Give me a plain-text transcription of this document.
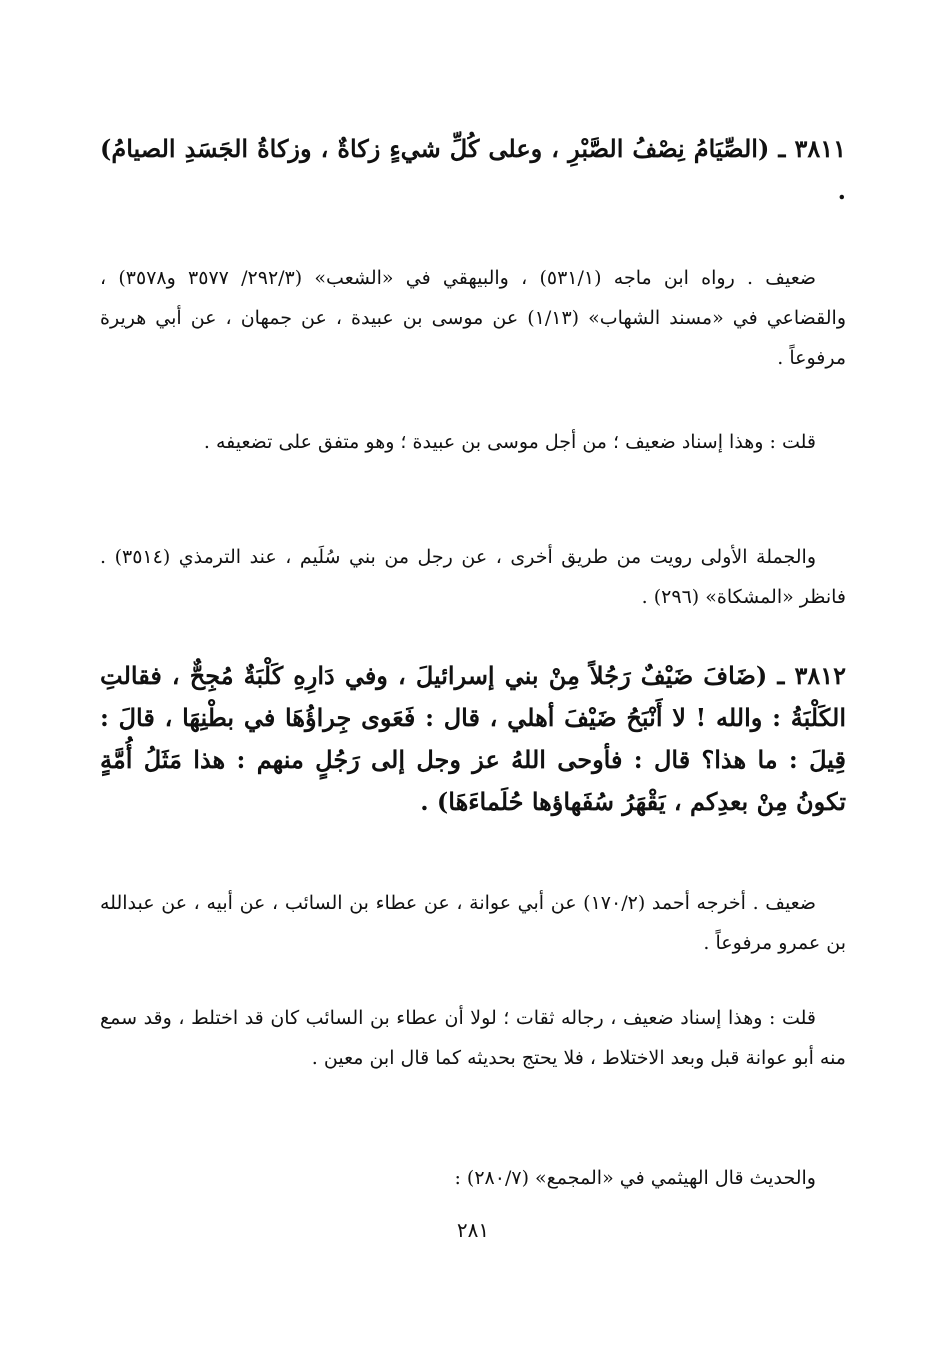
٣٨١١ ـ (الصِّيَامُ نِصْفُ الصَّبْرِ ، وعلى كُلِّ شيءٍ زكاةٌ ، وزكاةُ الجَسَدِ الصيامُ) .

ضعيف . رواه ابن ماجه (٥٣١/١) ، والبيهقي في «الشعب» (٢٩٢/٣/ ٣٥٧٧ و٣٥٧٨) ، والقضاعي في «مسند الشهاب» (١/١٣) عن موسى بن عبيدة ، عن جمهان ، عن أبي هريرة مرفوعاً .

قلت : وهذا إسناد ضعيف ؛ من أجل موسى بن عبيدة ؛ وهو متفق على تضعيفه .

والجملة الأولى رويت من طريق أخرى ، عن رجل من بني سُلَيم ، عند الترمذي (٣٥١٤) . فانظر «المشكاة» (٢٩٦) .

٣٨١٢ ـ (ضَافَ ضَيْفٌ رَجُلاً مِنْ بني إسرائيلَ ، وفي دَارِهِ كَلْبَةٌ مُجِحٌّ ، فقالتِ الكَلْبَةُ : والله ! لا أَنْبَحُ ضَيْفَ أهلي ، قال : فَعَوى جِراؤُهَا في بطْنِهَا ، قالَ : قِيلَ : ما هذا؟ قال : فأوحى اللهُ عز وجل إلى رَجُلٍ منهم : هذا مَثَلُ أُمَّةٍ تكونُ مِنْ بعدِكم ، يَقْهَرُ سُفَهاؤها حُلَماءَهَا) .

ضعيف . أخرجه أحمد (١٧٠/٢) عن أبي عوانة ، عن عطاء بن السائب ، عن أبيه ، عن عبدالله بن عمرو مرفوعاً .

قلت : وهذا إسناد ضعيف ، رجاله ثقات ؛ لولا أن عطاء بن السائب كان قد اختلط ، وقد سمع منه أبو عوانة قبل وبعد الاختلاط ، فلا يحتج بحديثه كما قال ابن معين .

والحديث قال الهيثمي في «المجمع» (٢٨٠/٧) :

٢٨١
